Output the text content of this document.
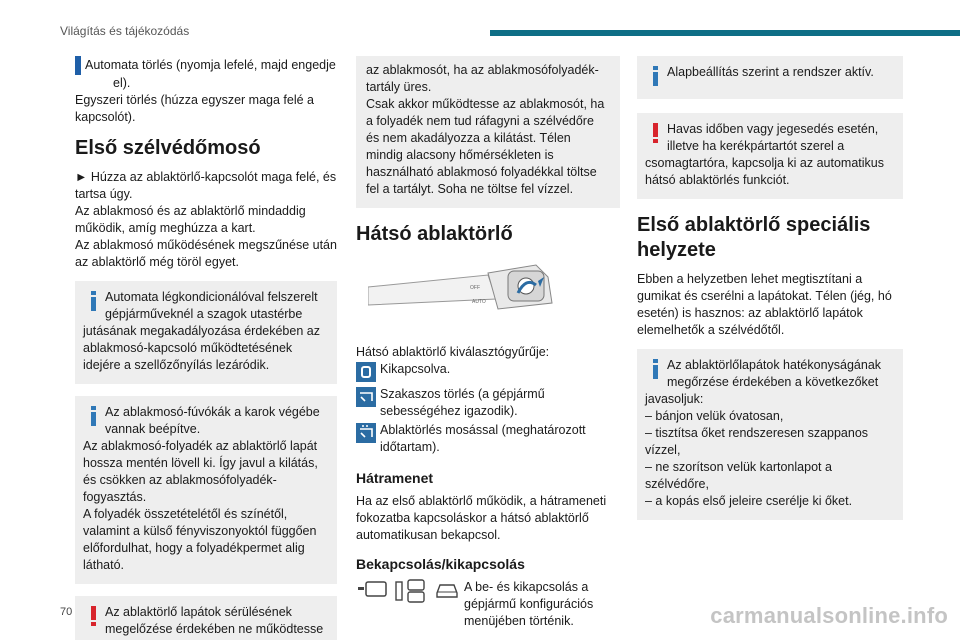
Világítás és tájékozódás

AUTO ⇩ Automata törlés (nyomja lefelé, majd engedje el).

Egyszeri törlés (húzza egyszer maga felé a kapcsolót).

Első szélvédőmosó

► Húzza az ablaktörlő-kapcsolót maga felé, és tartsa úgy.

Az ablakmosó és az ablaktörlő mindaddig működik, amíg meghúzza a kart.

Az ablakmosó működésének megszűnése után az ablaktörlő még töröl egyet.

Automata légkondicionálóval felszerelt gépjárműveknél a szagok utastérbe

jutásának megakadályozása érdekében az ablakmosó-kapcsoló működtetésének idejére a szellőzőnyílás lezáródik.

Az ablakmosó-fúvókák a karok végébe vannak beépítve.

Az ablakmosó-folyadék az ablaktörlő lapát hossza mentén lövell ki. Így javul a kilátás, és csökken az ablakmosófolyadék-fogyasztás.

A folyadék összetételétől és színétől, valamint a külső fényviszonyoktól függően előfordulhat, hogy a folyadékpermet alig látható.

Az ablaktörlő lapátok sérülésének megelőzése érdekében ne működtesse

az ablakmosót, ha az ablakmosófolyadék-tartály üres.

Csak akkor működtesse az ablakmosót, ha a folyadék nem tud ráfagyni a szélvédőre és nem akadályozza a kilátást. Télen mindig alacsony hőmérsékleten is használható ablakmosó folyadékkal töltse fel a tartályt. Soha ne töltse fel vízzel.

Hátsó ablaktörlő
OFF
AUTO

Hátsó ablaktörlő kiválasztógyűrűje:

Kikapcsolva.
Szakaszos törlés (a gépjármű sebességéhez igazodik).
Ablaktörlés mosással (meghatározott időtartam).
Hátramenet

Ha az első ablaktörlő működik, a hátrameneti fokozatba kapcsoláskor a hátsó ablaktörlő automatikusan bekapcsol.

Bekapcsolás/kikapcsolás
A be- és kikapcsolás a gépjármű konfigurációs menüjében történik.

Alapbeállítás szerint a rendszer aktív.

Havas időben vagy jegesedés esetén, illetve ha kerékpártartót szerel a

csomagtartóra, kapcsolja ki az automatikus hátsó ablaktörlés funkciót.

Első ablaktörlő speciális helyzete

Ebben a helyzetben lehet megtisztítani a gumikat és cserélni a lapátokat. Télen (jég, hó esetén) is hasznos: az ablaktörlő lapátok elemelhetők a szélvédőtől.

Az ablaktörlőlapátok hatékonyságának megőrzése érdekében a következőket

javasoljuk:

– bánjon velük óvatosan,

– tisztítsa őket rendszeresen szappanos vízzel,

– ne szorítson velük kartonlapot a szélvédőre,

– a kopás első jeleire cserélje ki őket.

70	carmanualsonline.info
